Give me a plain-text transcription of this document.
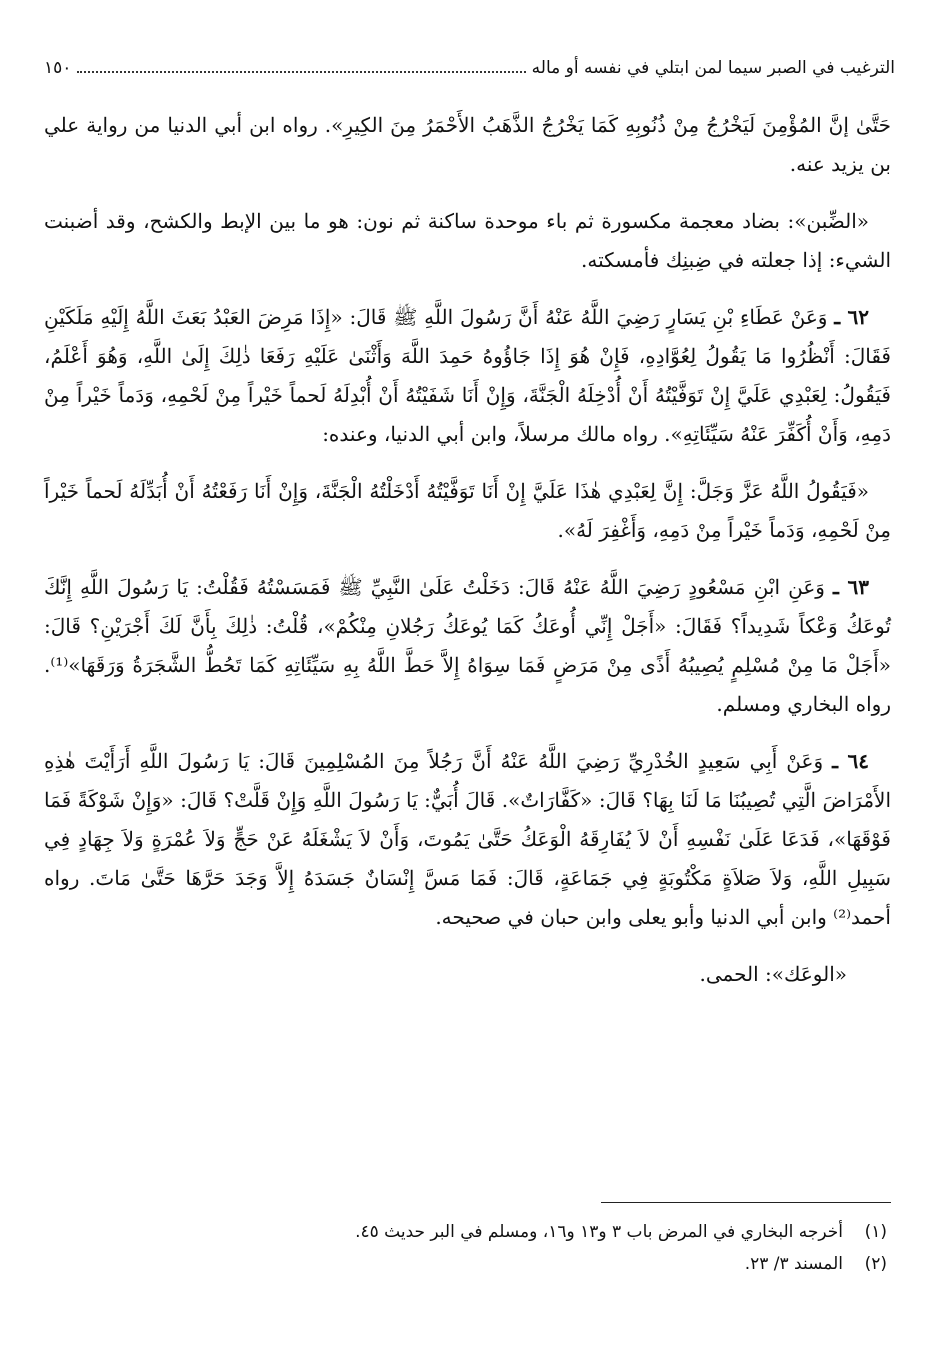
الترغيب في الصبر سيما لمن ابتلي في نفسه أو ماله
١٥٠

حَتَّىٰ إنَّ المُؤْمِنَ لَيَخْرُجُ مِنْ ذُنُوبِهِ كَمَا يَخْرُجُ الذَّهَبُ الأَحْمَرُ مِنَ الكِيرِ». رواه ابن أبي الدنيا من رواية علي بن يزيد عنه.

«الضِّبن»: بضاد معجمة مكسورة ثم باء موحدة ساكنة ثم نون: هو ما بين الإبط والكشح، وقد أضبنت الشيء: إذا جعلته في ضِبنِك فأمسكته.

٦٢ ـ وَعَنْ عَطَاءِ بْنِ يَسَارٍ رَضِيَ اللَّهُ عَنْهُ أَنَّ رَسُولَ اللَّهِ ﷺ قَالَ: «إِذَا مَرِضَ العَبْدُ بَعَثَ اللَّهُ إِلَيْهِ مَلَكَيْنِ فَقَالَ: أَنْظُرُوا مَا يَقُولُ لِعُوَّادِهِ، فَإِنْ هُوَ إِذَا جَاؤُوهُ حَمِدَ اللَّهَ وَأَثْنَىٰ عَلَيْهِ رَفَعَا ذٰلِكَ إِلَىٰ اللَّهِ، وَهُوَ أَعْلَمُ، فَيَقُولُ: لِعَبْدِي عَلَيَّ إِنْ تَوَفَّيْتُهُ أَنْ أُدْخِلَهُ الْجَنَّةَ، وَإِنْ أَنَا شَفَيْتُهُ أَنْ أُبْدِلَهُ لَحماً خَيْراً مِنْ لَحْمِهِ، وَدَماً خَيْراً مِنْ دَمِهِ، وَأَنْ أُكَفِّرَ عَنْهُ سَيِّئَاتِهِ». رواه مالك مرسلاً، وابن أبي الدنيا، وعنده:

«فَيَقُولُ اللَّهُ عَزَّ وَجَلَّ: إِنَّ لِعَبْدِي هٰذَا عَلَيَّ إِنْ أَنَا تَوَفَّيْتُهُ أَدْخَلْتُهُ الْجَنَّةَ، وَإِنْ أَنَا رَفَعْتُهُ أَنْ أُبَدِّلَهُ لَحماً خَيْراً مِنْ لَحْمِهِ، وَدَماً خَيْراً مِنْ دَمِهِ، وَأَغْفِرَ لَهُ».

٦٣ ـ وَعَنِ ابْنِ مَسْعُودٍ رَضِيَ اللَّهُ عَنْهُ قَالَ: دَخَلْتُ عَلَىٰ النَّبِيِّ ﷺ فَمَسَسْتُهُ فَقُلْتُ: يَا رَسُولَ اللَّهِ إِنَّكَ تُوعَكُ وَعْكاً شَدِيداً؟ فَقَالَ: «أَجَلْ إِنِّي أُوعَكُ كَمَا يُوعَكُ رَجُلانِ مِنْكُمْ»، قُلْتُ: ذٰلِكَ بِأَنَّ لَكَ أَجْرَيْنِ؟ قَالَ: «أَجَلْ مَا مِنْ مُسْلِمٍ يُصِيبُهُ أَذًى مِنْ مَرَضٍ فَمَا سِوَاهُ إِلاَّ حَطَّ اللَّهُ بِهِ سَيِّئَاتِهِ كَمَا تَحُطُّ الشَّجَرَةُ وَرَقَهَا»⁽¹⁾. رواه البخاري ومسلم.

٦٤ ـ وَعَنْ أَبِي سَعِيدٍ الخُدْرِيِّ رَضِيَ اللَّهُ عَنْهُ أَنَّ رَجُلاً مِنَ المُسْلِمِينَ قَالَ: يَا رَسُولَ اللَّهِ أَرَأَيْتَ هٰذِهِ الأَمْرَاضَ الَّتِي تُصِيبُنَا مَا لَنَا بِهَا؟ قَالَ: «كَفَّارَاتٌ». قَالَ أُبَيٌّ: يَا رَسُولَ اللَّهِ وَإِنْ قَلَّتْ؟ قَالَ: «وَإِنْ شَوْكَةً فَمَا فَوْقَهَا»، فَدَعَا عَلَىٰ نَفْسِهِ أَنْ لاَ يُفَارِقَهُ الْوَعَكُ حَتَّىٰ يَمُوتَ، وَأَنْ لاَ يَشْغَلَهُ عَنْ حَجٍّ وَلاَ عُمْرَةٍ وَلاَ جِهَادٍ فِي سَبِيلِ اللَّهِ، وَلاَ صَلاَةٍ مَكْتُوبَةٍ فِي جَمَاعَةٍ، قَالَ: فَمَا مَسَّ إِنْسَانٌ جَسَدَهُ إِلاَّ وَجَدَ حَرَّهَا حَتَّىٰ مَاتَ. رواه أحمد⁽²⁾ وابن أبي الدنيا وأبو يعلى وابن حبان في صحيحه.

«الوعَك»: الحمى.

(١)
أخرجه البخاري في المرض باب ٣ و١٣ و١٦، ومسلم في البر حديث ٤٥.
(٢)
المسند ٣/ ٢٣.
